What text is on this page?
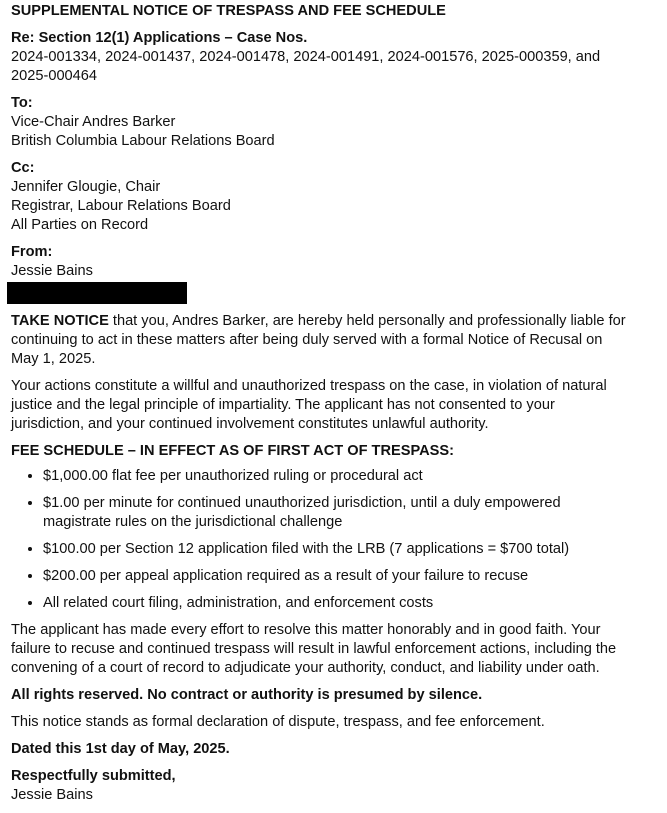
SUPPLEMENTAL NOTICE OF TRESPASS AND FEE SCHEDULE

Re: Section 12(1) Applications – Case Nos.

2024-001334, 2024-001437, 2024-001478, 2024-001491, 2024-001576, 2025-000359, and

2025-000464

To:

Vice-Chair Andres Barker

British Columbia Labour Relations Board

Cc:

Jennifer Glougie, Chair

Registrar, Labour Relations Board

All Parties on Record

From:

Jessie Bains

TAKE NOTICE that you, Andres Barker, are hereby held personally and professionally liable for

continuing to act in these matters after being duly served with a formal Notice of Recusal on

May 1, 2025.

Your actions constitute a willful and unauthorized trespass on the case, in violation of natural

justice and the legal principle of impartiality. The applicant has not consented to your

jurisdiction, and your continued involvement constitutes unlawful authority.

FEE SCHEDULE – IN EFFECT AS OF FIRST ACT OF TRESPASS:

• $1,000.00 flat fee per unauthorized ruling or procedural act
• $1.00 per minute for continued unauthorized jurisdiction, until a duly empowered
magistrate rules on the jurisdictional challenge
• $100.00 per Section 12 application filed with the LRB (7 applications = $700 total)
• $200.00 per appeal application required as a result of your failure to recuse
• All related court filing, administration, and enforcement costs

The applicant has made every effort to resolve this matter honorably and in good faith. Your

failure to recuse and continued trespass will result in lawful enforcement actions, including the

convening of a court of record to adjudicate your authority, conduct, and liability under oath.

All rights reserved. No contract or authority is presumed by silence.

This notice stands as formal declaration of dispute, trespass, and fee enforcement.

Dated this 1st day of May, 2025.

Respectfully submitted,

Jessie Bains
